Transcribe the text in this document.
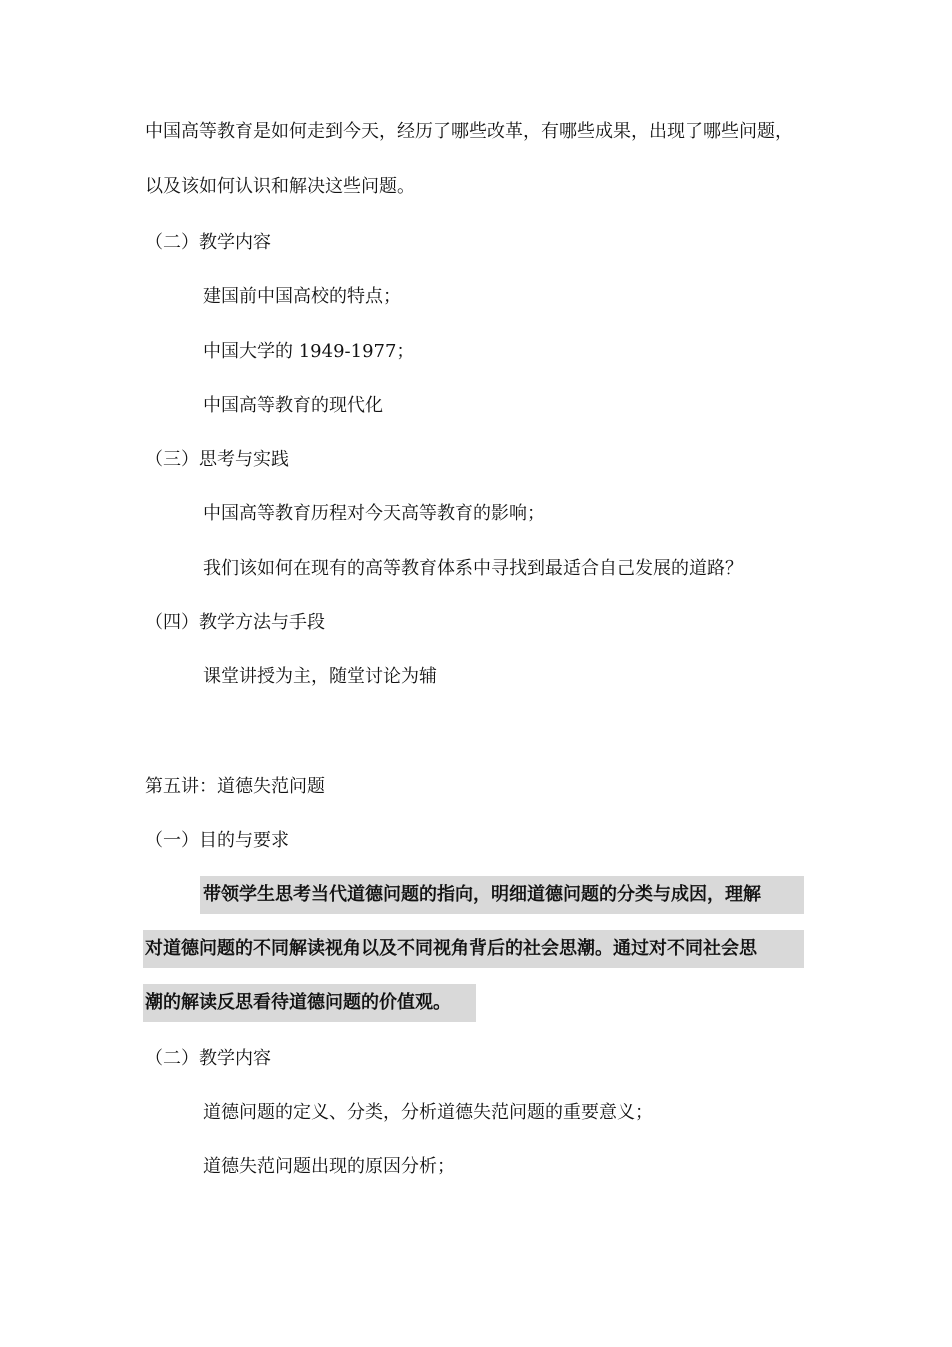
中国高等教育是如何走到今天，经历了哪些改革，有哪些成果，出现了哪些问题，
以及该如何认识和解决这些问题。
（二）教学内容
建国前中国高校的特点；
中国大学的 1949-1977；
中国高等教育的现代化
（三）思考与实践
中国高等教育历程对今天高等教育的影响；
我们该如何在现有的高等教育体系中寻找到最适合自己发展的道路？
（四）教学方法与手段
课堂讲授为主，随堂讨论为辅
第五讲：道德失范问题
（一）目的与要求
带领学生思考当代道德问题的指向，明细道德问题的分类与成因，理解
对道德问题的不同解读视角以及不同视角背后的社会思潮。通过对不同社会思
潮的解读反思看待道德问题的价值观。
（二）教学内容
道德问题的定义、分类，分析道德失范问题的重要意义；
道德失范问题出现的原因分析；
